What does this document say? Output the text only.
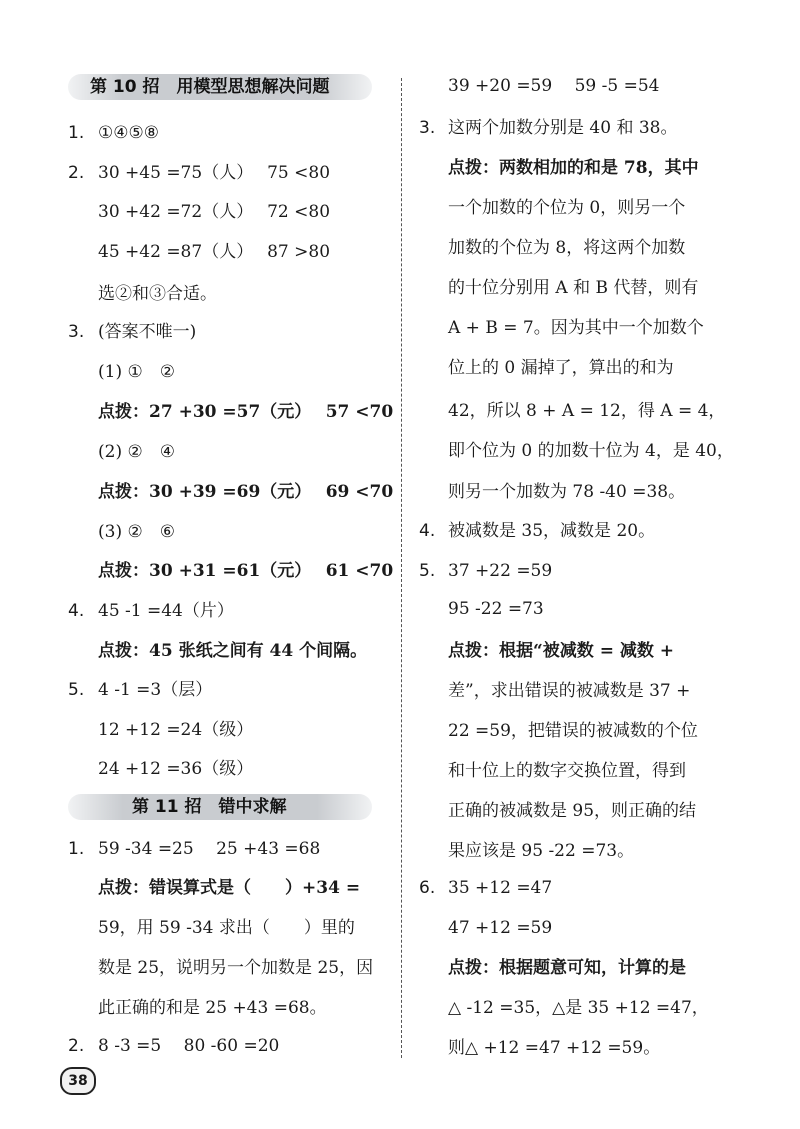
第 10 招　用模型思想解决问题
1. ①④⑤⑧
2. 30 +45 =75（人）　 75 <80
30 +42 =72（人）　 72 <80
45 +42 =87（人）　 87 >80
选②和③合适。
3. (答案不唯一)
(1) ①　②
点拨：27 +30 =57（元）　 57 <70
(2) ②　④
点拨：30 +39 =69（元）　 69 <70
(3) ②　⑥
点拨：30 +31 =61（元）　 61 <70
4. 45 -1 =44（片）
点拨：45 张纸之间有 44 个间隔。
5. 4 -1 =3（层）
12 +12 =24（级）
24 +12 =36（级）
第 11 招　错中求解
1. 59 -34 =25　 25 +43 =68
点拨：错误算式是（　　）+34 =
59，用 59 -34 求出（　　）里的
数是 25，说明另一个加数是 25，因
此正确的和是 25 +43 =68。
2. 8 -3 =5　 80 -60 =20
39 +20 =59　 59 -5 =54
3. 这两个加数分别是 40 和 38。
点拨：两数相加的和是 78，其中
一个加数的个位为 0，则另一个
加数的个位为 8，将这两个加数
的十位分别用 A 和 B 代替，则有
A + B = 7。因为其中一个加数个
位上的 0 漏掉了，算出的和为
42，所以 8 + A = 12，得 A = 4，
即个位为 0 的加数十位为 4，是 40，
则另一个加数为 78 -40 =38。
4. 被减数是 35，减数是 20。
5. 37 +22 =59
95 -22 =73
点拨：根据“被减数 = 减数 +
差”，求出错误的被减数是 37 +
22 =59，把错误的被减数的个位
和十位上的数字交换位置，得到
正确的被减数是 95，则正确的结
果应该是 95 -22 =73。
6. 35 +12 =47
47 +12 =59
点拨：根据题意可知，计算的是
△ -12 =35，△是 35 +12 =47，
则△ +12 =47 +12 =59。
38
